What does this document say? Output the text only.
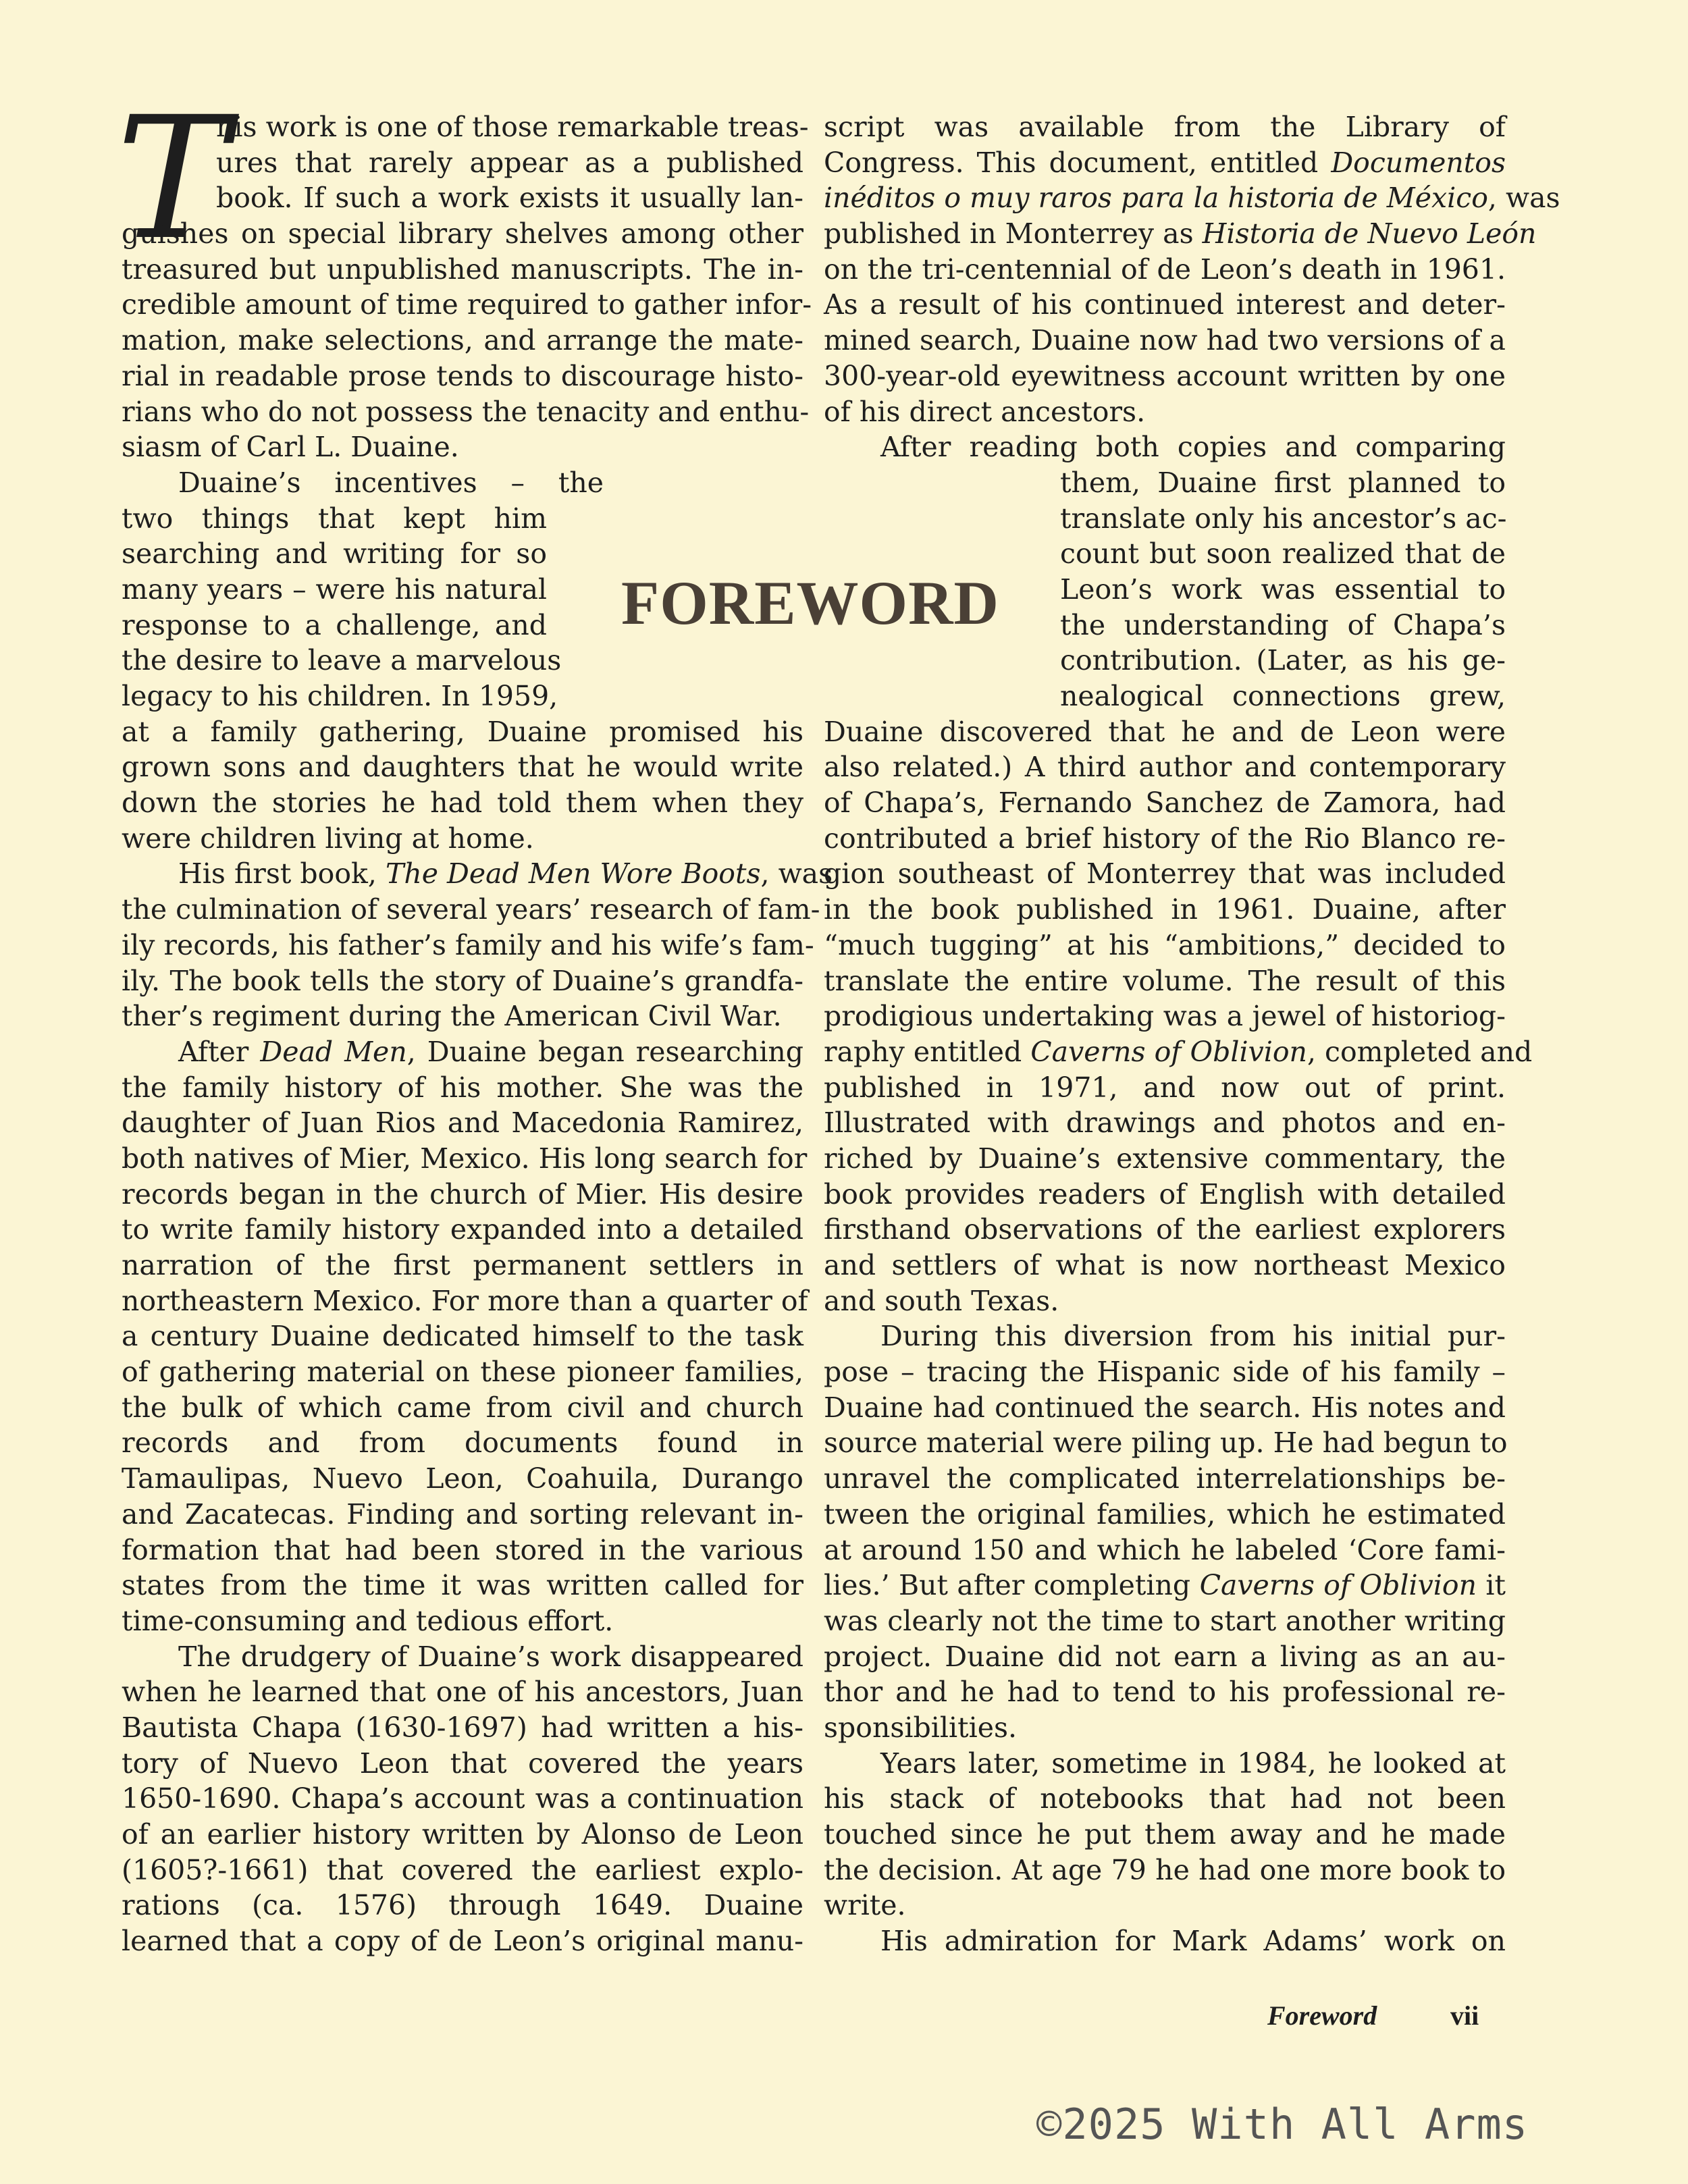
T
FOREWORD
his work is one of those remarkable treas-
ures that rarely appear as a published
book. If such a work exists it usually lan-
guishes on special library shelves among other
treasured but unpublished manuscripts. The in-
credible amount of time required to gather infor-
mation, make selections, and arrange the mate-
rial in readable prose tends to discourage histo-
rians who do not possess the tenacity and enthu-
siasm of Carl L. Duaine.
Duaine’s incentives – the
two things that kept him
searching and writing for so
many years – were his natural
response to a challenge, and
the desire to leave a marvelous
legacy to his children. In 1959,
at a family gathering, Duaine promised his
grown sons and daughters that he would write
down the stories he had told them when they
were children living at home.
His first book, The Dead Men Wore Boots, was
the culmination of several years’ research of fam-
ily records, his father’s family and his wife’s fam-
ily. The book tells the story of Duaine’s grandfa-
ther’s regiment during the American Civil War.
After Dead Men, Duaine began researching
the family history of his mother. She was the
daughter of Juan Rios and Macedonia Ramirez,
both natives of Mier, Mexico. His long search for
records began in the church of Mier. His desire
to write family history expanded into a detailed
narration of the first permanent settlers in
northeastern Mexico. For more than a quarter of
a century Duaine dedicated himself to the task
of gathering material on these pioneer families,
the bulk of which came from civil and church
records and from documents found in
Tamaulipas, Nuevo Leon, Coahuila, Durango
and Zacatecas. Finding and sorting relevant in-
formation that had been stored in the various
states from the time it was written called for
time-consuming and tedious effort.
The drudgery of Duaine’s work disappeared
when he learned that one of his ancestors, Juan
Bautista Chapa (1630-1697) had written a his-
tory of Nuevo Leon that covered the years
1650-1690. Chapa’s account was a continuation
of an earlier history written by Alonso de Leon
(1605?-1661) that covered the earliest explo-
rations (ca. 1576) through 1649. Duaine
learned that a copy of de Leon’s original manu-
script was available from the Library of
Congress. This document, entitled Documentos
inéditos o muy raros para la historia de México, was
published in Monterrey as Historia de Nuevo León
on the tri-centennial of de Leon’s death in 1961.
As a result of his continued interest and deter-
mined search, Duaine now had two versions of a
300-year-old eyewitness account written by one
of his direct ancestors.
After reading both copies and comparing
them, Duaine first planned to
translate only his ancestor’s ac-
count but soon realized that de
Leon’s work was essential to
the understanding of Chapa’s
contribution. (Later, as his ge-
nealogical connections grew,
Duaine discovered that he and de Leon were
also related.) A third author and contemporary
of Chapa’s, Fernando Sanchez de Zamora, had
contributed a brief history of the Rio Blanco re-
gion southeast of Monterrey that was included
in the book published in 1961. Duaine, after
“much tugging” at his “ambitions,” decided to
translate the entire volume. The result of this
prodigious undertaking was a jewel of historiog-
raphy entitled Caverns of Oblivion, completed and
published in 1971, and now out of print.
Illustrated with drawings and photos and en-
riched by Duaine’s extensive commentary, the
book provides readers of English with detailed
firsthand observations of the earliest explorers
and settlers of what is now northeast Mexico
and south Texas.
During this diversion from his initial pur-
pose – tracing the Hispanic side of his family –
Duaine had continued the search. His notes and
source material were piling up. He had begun to
unravel the complicated interrelationships be-
tween the original families, which he estimated
at around 150 and which he labeled ‘Core fami-
lies.’ But after completing Caverns of Oblivion it
was clearly not the time to start another writing
project. Duaine did not earn a living as an au-
thor and he had to tend to his professional re-
sponsibilities.
Years later, sometime in 1984, he looked at
his stack of notebooks that had not been
touched since he put them away and he made
the decision. At age 79 he had one more book to
write.
His admiration for Mark Adams’ work on
Foreword	vii
©2025 With All Arms
